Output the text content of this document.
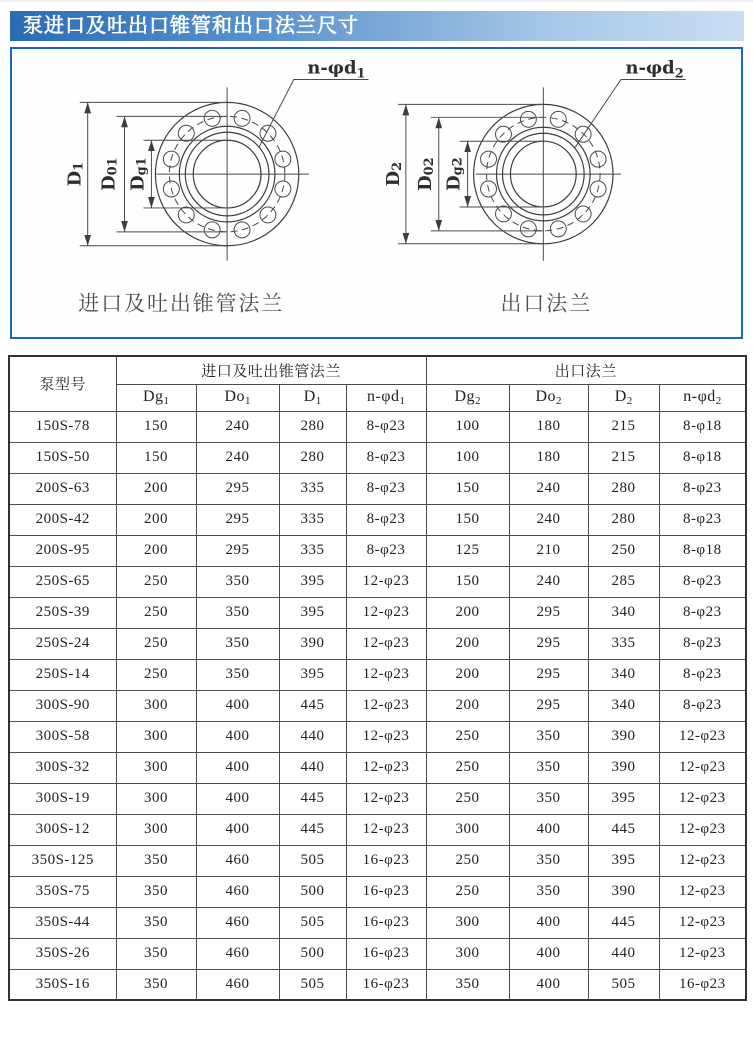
泵进口及吐出口锥管和出口法兰尺寸
$D_1$
$D_{01}$
$D_{g1}$
$n-\varphi d_1$
进口及吐出锥管法兰
$D_2$
$D_{02}$
$D_{g2}$
$n-\varphi d_2$
出口法兰
泵型号	进口及吐出锥管法兰				出口法兰			
	$Dg_1$	$Do_1$	$D_1$	$n-\varphi d_1$	$Dg_2$	$Do_2$	$D_2$	$n-\varphi d_2$
150S-78	150	240	280	8-φ23	100	180	215	8-φ18
150S-50	150	240	280	8-φ23	100	180	215	8-φ18
200S-63	200	295	335	8-φ23	150	240	280	8-φ23
200S-42	200	295	335	8-φ23	150	240	280	8-φ23
200S-95	200	295	335	8-φ23	125	210	250	8-φ18
250S-65	250	350	395	12-φ23	150	240	285	8-φ23
250S-39	250	350	395	12-φ23	200	295	340	8-φ23
250S-24	250	350	390	12-φ23	200	295	335	8-φ23
250S-14	250	350	395	12-φ23	200	295	340	8-φ23
300S-90	300	400	445	12-φ23	200	295	340	8-φ23
300S-58	300	400	440	12-φ23	250	350	390	12-φ23
300S-32	300	400	440	12-φ23	250	350	390	12-φ23
300S-19	300	400	445	12-φ23	250	350	395	12-φ23
300S-12	300	400	445	12-φ23	300	400	445	12-φ23
350S-125	350	460	505	16-φ23	250	350	395	12-φ23
350S-75	350	460	500	16-φ23	250	350	390	12-φ23
350S-44	350	460	505	16-φ23	300	400	445	12-φ23
350S-26	350	460	500	16-φ23	300	400	440	12-φ23
350S-16	350	460	505	16-φ23	350	400	505	16-φ23
